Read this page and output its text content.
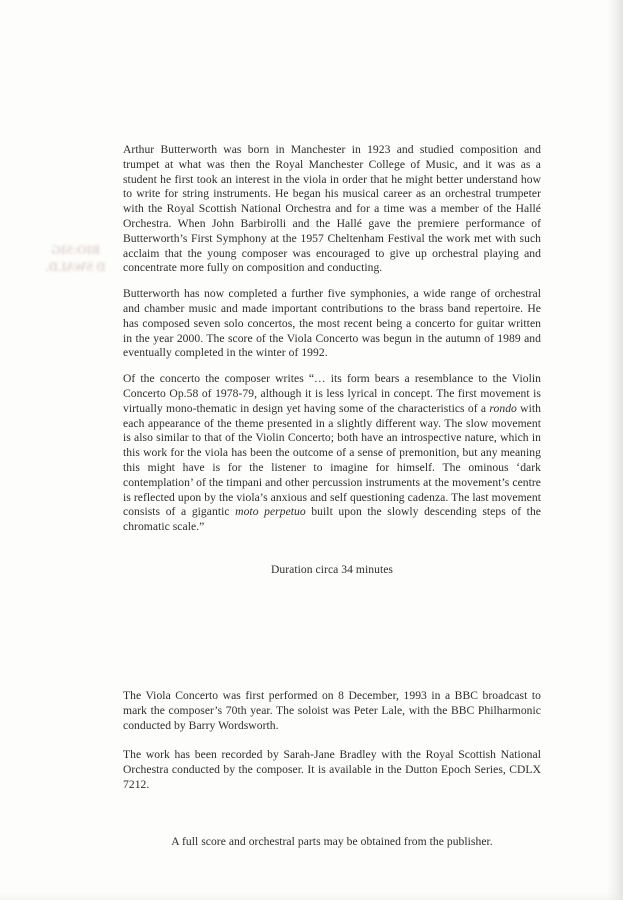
BIO:SIG
D SWALD.

Arthur Butterworth was born in Manchester in 1923 and studied composition and trumpet at what was then the Royal Manchester College of Music, and it was as a student he first took an interest in the viola in order that he might better understand how to write for string instruments. He began his musical career as an orchestral trumpeter with the Royal Scottish National Orchestra and for a time was a member of the Hallé Orchestra. When John Barbirolli and the Hallé gave the premiere performance of Butterworth’s First Symphony at the 1957 Cheltenham Festival the work met with such acclaim that the young composer was encouraged to give up orchestral playing and concentrate more fully on composition and conducting.

Butterworth has now completed a further five symphonies, a wide range of orchestral and chamber music and made important contributions to the brass band repertoire. He has composed seven solo concertos, the most recent being a concerto for guitar written in the year 2000. The score of the Viola Concerto was begun in the autumn of 1989 and eventually completed in the winter of 1992.

Of the concerto the composer writes “… its form bears a resemblance to the Violin Concerto Op.58 of 1978-79, although it is less lyrical in concept. The first movement is virtually mono-thematic in design yet having some of the characteristics of a rondo with each appearance of the theme presented in a slightly different way. The slow movement is also similar to that of the Violin Concerto; both have an introspective nature, which in this work for the viola has been the outcome of a sense of premonition, but any meaning this might have is for the listener to imagine for himself. The ominous ‘dark contemplation’ of the timpani and other percussion instruments at the movement’s centre is reflected upon by the viola’s anxious and self questioning cadenza. The last movement consists of a gigantic moto perpetuo built upon the slowly descending steps of the chromatic scale.”

Duration circa 34 minutes

The Viola Concerto was first performed on 8 December, 1993 in a BBC broadcast to mark the composer’s 70th year. The soloist was Peter Lale, with the BBC Philharmonic conducted by Barry Wordsworth.

The work has been recorded by Sarah-Jane Bradley with the Royal Scottish National Orchestra conducted by the composer. It is available in the Dutton Epoch Series, CDLX 7212.

A full score and orchestral parts may be obtained from the publisher.
